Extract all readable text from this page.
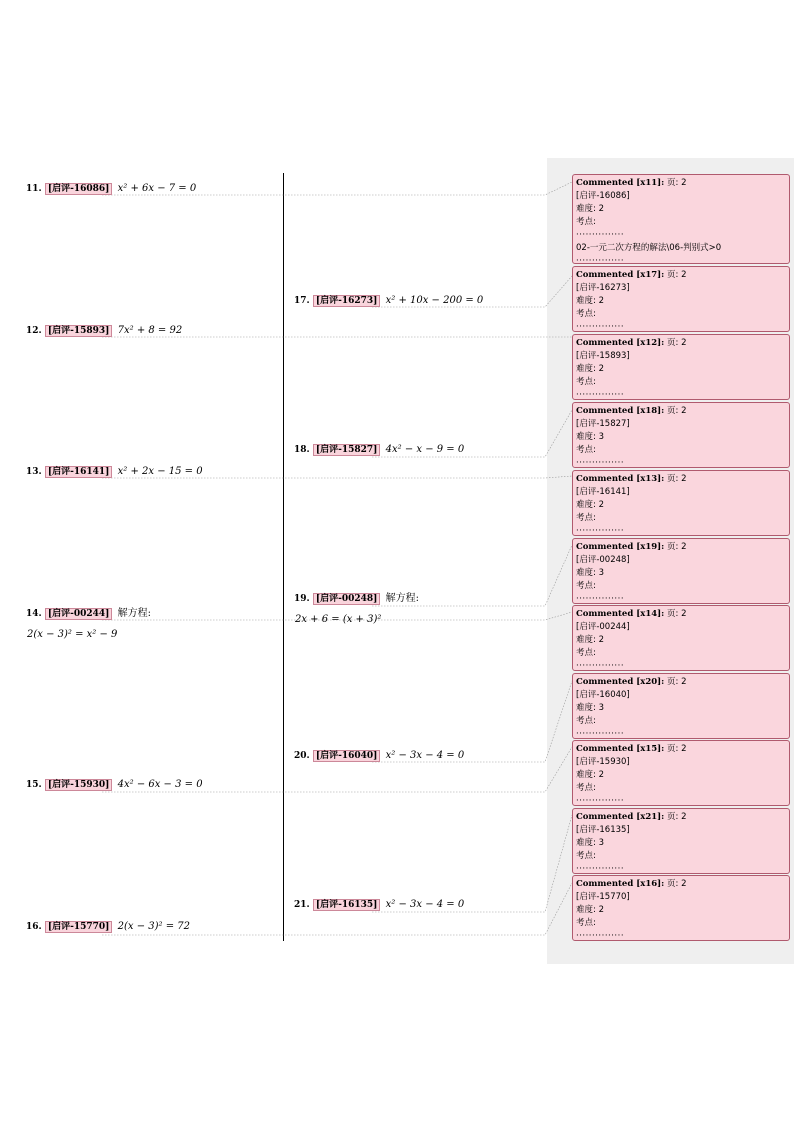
11. [启评-16086] x² + 6x − 7 = 0
12. [启评-15893] 7x² + 8 = 92
13. [启评-16141] x² + 2x − 15 = 0
14. [启评-00244] 解方程:
2(x − 3)² = x² − 9
15. [启评-15930] 4x² − 6x − 3 = 0
16. [启评-15770] 2(x − 3)² = 72
17. [启评-16273] x² + 10x − 200 = 0
18. [启评-15827] 4x² − x − 9 = 0
19. [启评-00248] 解方程:
2x + 6 = (x + 3)²
20. [启评-16040] x² − 3x − 4 = 0
21. [启评-16135] x² − 3x − 4 = 0
Commented [x11]: 页: 2
[启评-16086]
难度: 2
考点:
···············
02-一元二次方程的解法\06-判别式>0
···············
Commented [x17]: 页: 2
[启评-16273]
难度: 2
考点:
···············
Commented [x12]: 页: 2
[启评-15893]
难度: 2
考点:
···············
Commented [x18]: 页: 2
[启评-15827]
难度: 3
考点:
···············
Commented [x13]: 页: 2
[启评-16141]
难度: 2
考点:
···············
Commented [x19]: 页: 2
[启评-00248]
难度: 3
考点:
···············
Commented [x14]: 页: 2
[启评-00244]
难度: 2
考点:
···············
Commented [x20]: 页: 2
[启评-16040]
难度: 3
考点:
···············
Commented [x15]: 页: 2
[启评-15930]
难度: 2
考点:
···············
Commented [x21]: 页: 2
[启评-16135]
难度: 3
考点:
···············
Commented [x16]: 页: 2
[启评-15770]
难度: 2
考点:
···············
